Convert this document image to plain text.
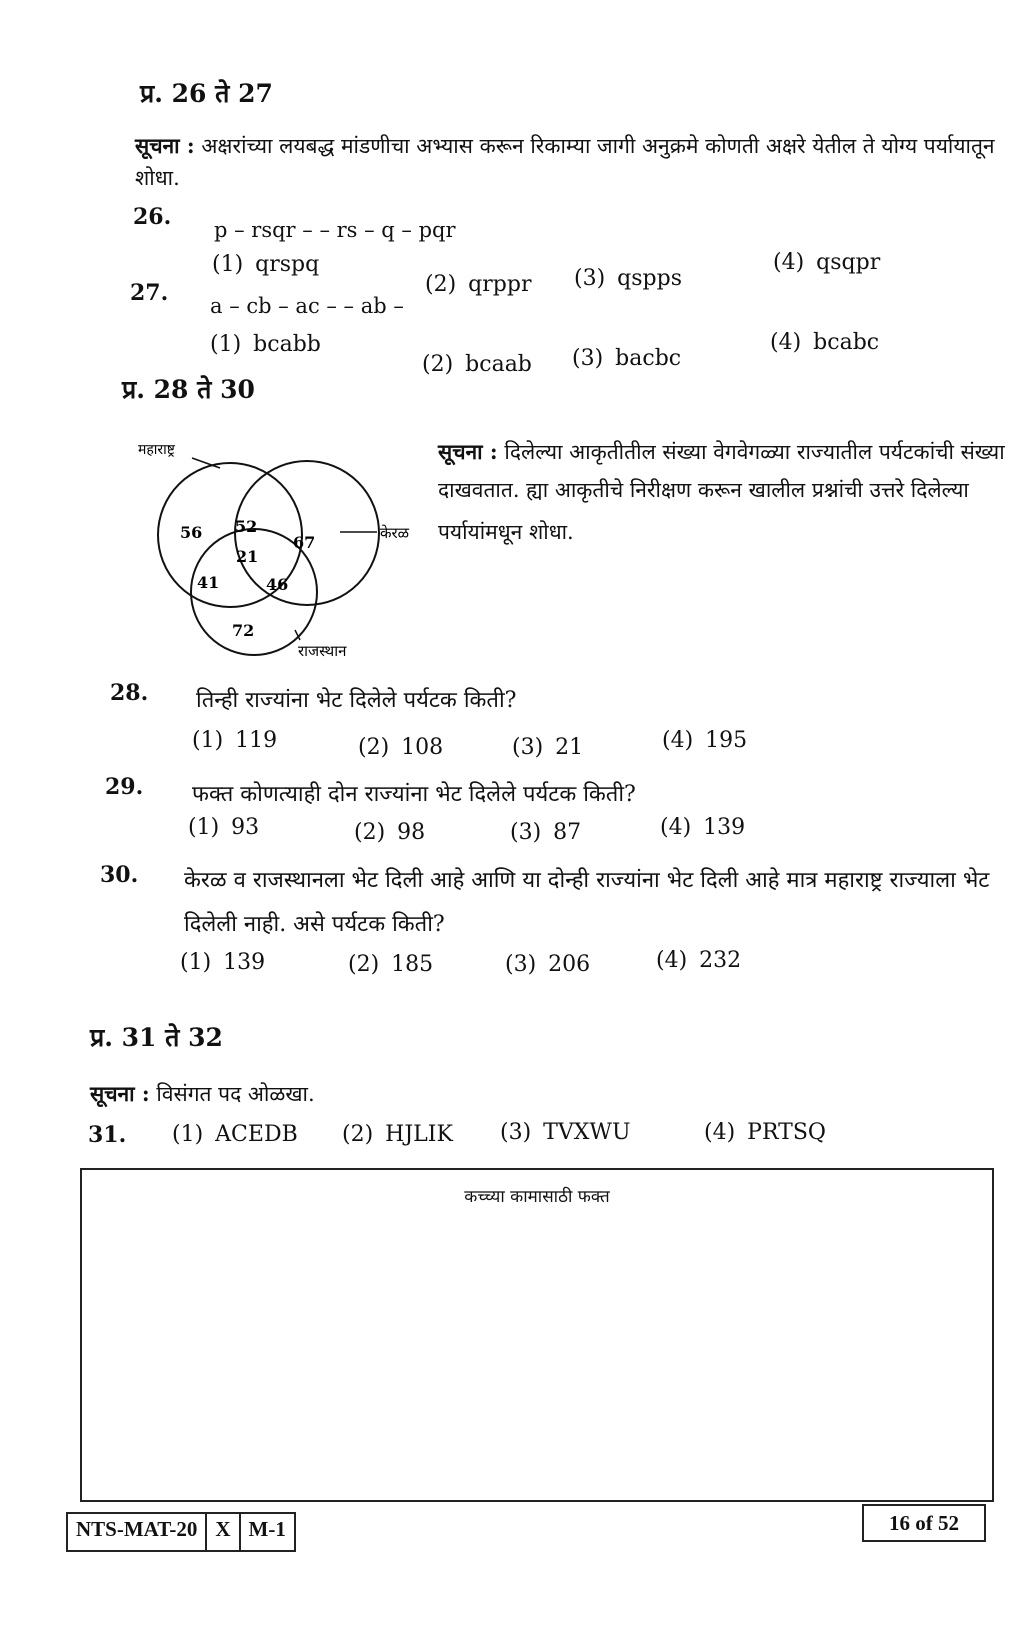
प्र. 26 ते 27
सूचना : अक्षरांच्या लयबद्ध मांडणीचा अभ्यास करून रिकाम्या जागी अनुक्रमे कोणती अक्षरे येतील ते योग्य पर्यायातून
शोधा.
26. p – rsqr – – rs – q – pqr
(1) qrspq
(2) qrppr (3) qspps
(4) qsqpr
27. a – cb – ac – – ab –
(1) bcabb
(2) bcaab (3) bacbc
(4) bcabc
प्र. 28 ते 30
महाराष्ट्र
केरळ
राजस्थान
56 52
67
21
41	46
72
सूचना : दिलेल्या आकृतीतील संख्या वेगवेगळ्या राज्यातील पर्यटकांची संख्या
दाखवतात. ह्या आकृतीचे निरीक्षण करून खालील प्रश्नांची उत्तरे दिलेल्या
पर्यायांमधून शोधा.
28. तिन्ही राज्यांना भेट दिलेले पर्यटक किती?
(1) 119	(2) 108	(3) 21	(4) 195
29. फक्त कोणत्याही दोन राज्यांना भेट दिलेले पर्यटक किती?
(1) 93	(2) 98	(3) 87	(4) 139
30. केरळ व राजस्थानला भेट दिली आहे आणि या दोन्ही राज्यांना भेट दिली आहे मात्र महाराष्ट्र राज्याला भेट
दिलेली नाही. असे पर्यटक किती?
(1) 139	(2) 185	(3) 206	(4) 232
प्र. 31 ते 32
सूचना : विसंगत पद ओळखा.
31. (1) ACEDB (2) HJLIK (3) TVXWU	(4) PRTSQ
कच्च्या कामासाठी फक्त
NTS-MAT-20 X M-1	16 of 52
